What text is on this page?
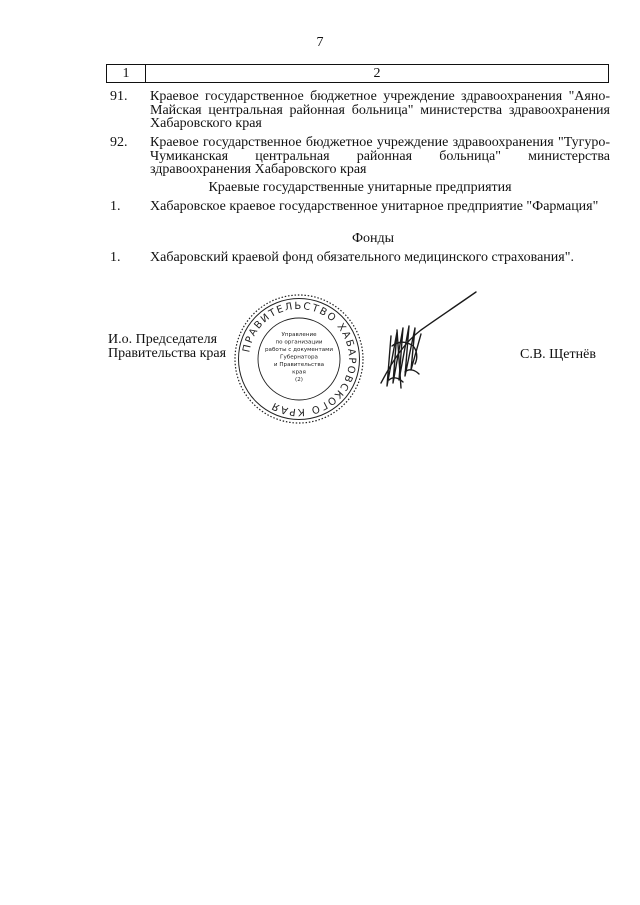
7
1	2
91.	Краевое государственное бюджетное учреждение здравоохранения "Аяно-Майская центральная районная больница" министерства здравоохранения Хабаровского края
92.	Краевое государственное бюджетное учреждение здравоохранения "Тугуро-Чумиканская центральная районная больница" министерства здравоохранения Хабаровского края
Краевые государственные унитарные предприятия
1.	Хабаровское краевое государственное унитарное предприятие "Фармация"
Фонды
1.	Хабаровский краевой фонд обязательного медицинского страхования".
И.о. Председателя
Правительства края ПРАВИТЕЛЬСТВО ХАБАРОВСКОГО КРАЯ
Управление
по организации
работы с документами
Губернатора
и Правительства
края
(2)
С.В. Щетнёв
